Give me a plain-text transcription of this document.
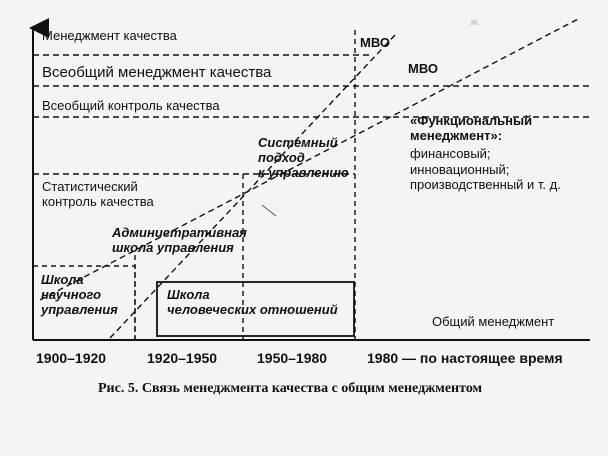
ж
Менеджмент качества
Общий менеджмент
Всеобщий менеджмент качества
Всеобщий контроль качества
Статистический
контроль качества
МВО
МВО
Школа
научного
управления
Административная
школа управления
Школа
человеческих отношений
Системный
подход
к управлению
«Функциональный
менеджмент»:
финансовый;
инновационный;
производственный и т. д.
1900–1920	1920–1950	1950–1980	1980 — по настоящее время
Рис. 5. Связь менеджмента качества с общим менеджментом
